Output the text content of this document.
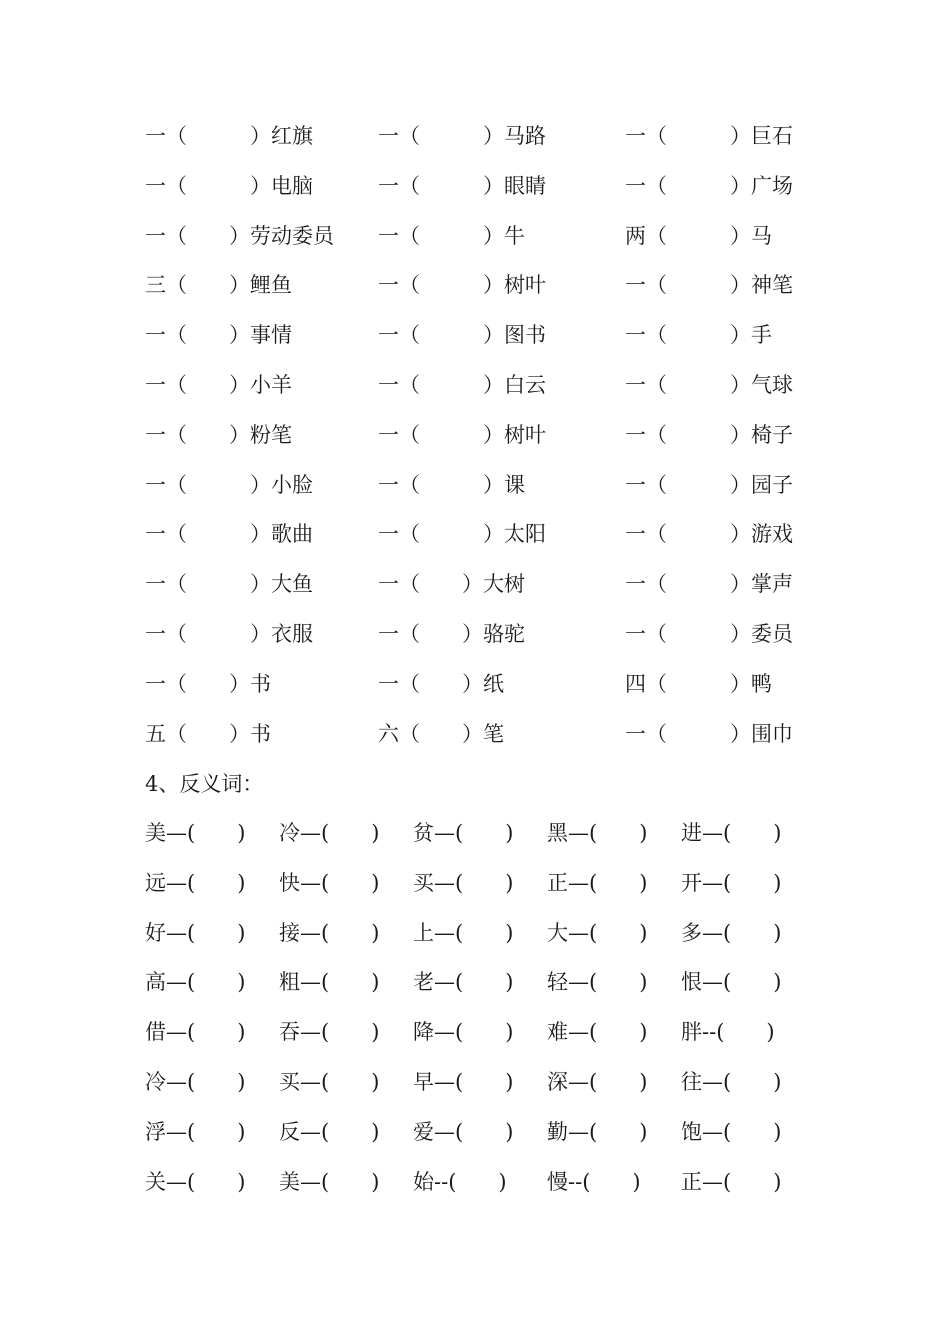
一（　　　）红旗	一（　　　）马路	一（　　　）巨石
一（　　　）电脑	一（　　　）眼睛	一（　　　）广场
一（　　）劳动委员 一（　　　）牛	两（　　　）马
三（　　）鲤鱼	一（　　　）树叶	一（　　　）神笔
一（　　）事情	一（　　　）图书	一（　　　）手
一（　　）小羊	一（　　　）白云	一（　　　）气球
一（　　）粉笔	一（　　　）树叶	一（　　　）椅子
一（　　　）小脸	一（　　　）课	一（　　　）园子
一（　　　）歌曲	一（　　　）太阳	一（　　　）游戏
一（　　　）大鱼	一（　　）大树	一（　　　）掌声
一（　　　）衣服	一（　　）骆驼	一（　　　）委员
一（　　）书	一（　　）纸	四（　　　）鸭
五（　　）书	六（　　）笔	一（　　　）围巾
4、反义词：
美—(　　) 冷—(　　) 贫—(　　) 黑—(　　) 进—(　　)
远—(　　) 快—(　　) 买—(　　) 正—(　　) 开—(　　)
好—(　　) 接—(　　) 上—(　　) 大—(　　) 多—(　　)
高—(　　) 粗—(　　) 老—(　　) 轻—(　　) 恨—(　　)
借—(　　) 吞—(　　) 降—(　　) 难—(　　) 胖--(　　)
冷—(　　) 买—(　　) 早—(　　) 深—(　　) 往—(　　)
浮—(　　) 反—(　　) 爱—(　　) 勤—(　　) 饱—(　　)
关—(　　) 美—(　　) 始--(　　) 慢--(　　) 正—(　　)
